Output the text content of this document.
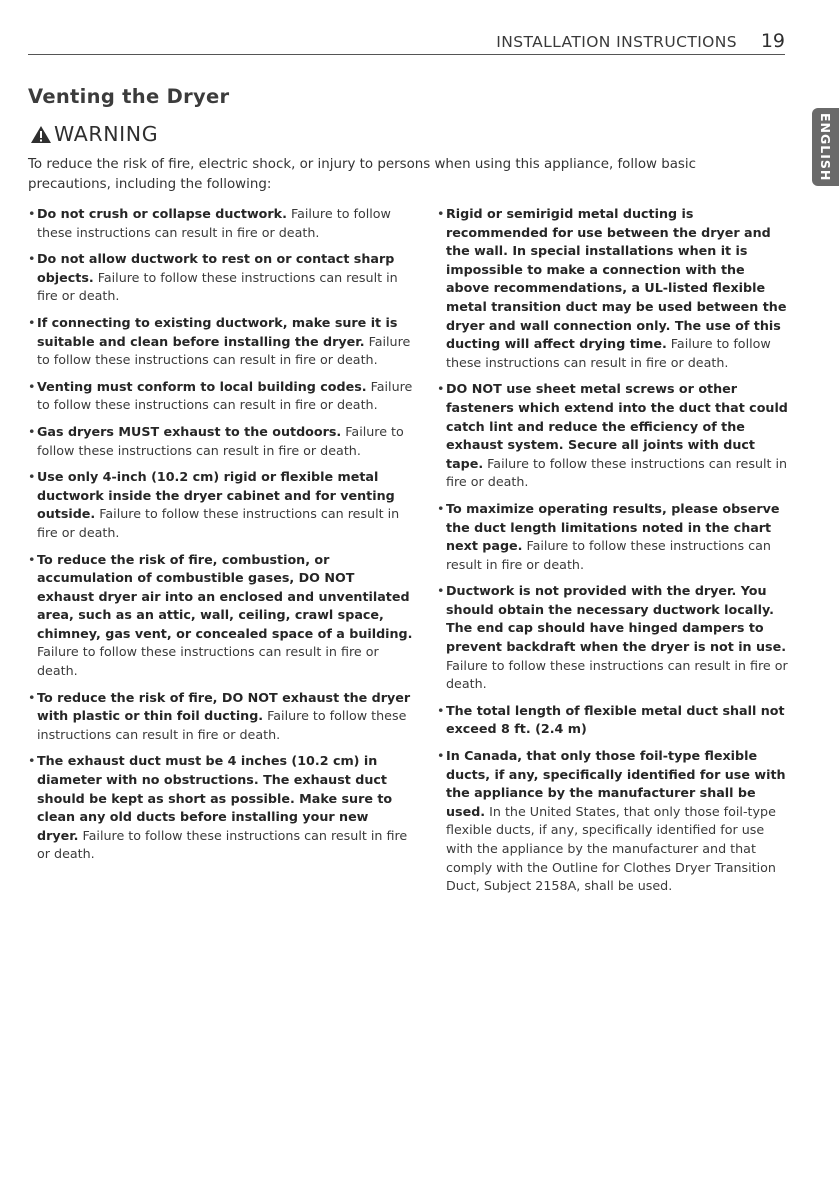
INSTALLATION INSTRUCTIONS 19
Venting the Dryer
WARNING

To reduce the risk of fire, electric shock, or injury to persons when using this appliance, follow basic precautions, including the following:

ENGLISH

• Do not crush or collapse ductwork. Failure to follow these instructions can result in fire or death.

• Do not allow ductwork to rest on or contact sharp objects. Failure to follow these instructions can result in fire or death.

• If connecting to existing ductwork, make sure it is suitable and clean before installing the dryer. Failure to follow these instructions can result in fire or death.

• Venting must conform to local building codes. Failure to follow these instructions can result in fire or death.

• Gas dryers MUST exhaust to the outdoors. Failure to follow these instructions can result in fire or death.

• Use only 4-inch (10.2 cm) rigid or flexible metal ductwork inside the dryer cabinet and for venting outside. Failure to follow these instructions can result in fire or death.

• To reduce the risk of fire, combustion, or accumulation of combustible gases, DO NOT exhaust dryer air into an enclosed and unventilated area, such as an attic, wall, ceiling, crawl space, chimney, gas vent, or concealed space of a building. Failure to follow these instructions can result in fire or death.

• To reduce the risk of fire, DO NOT exhaust the dryer with plastic or thin foil ducting. Failure to follow these instructions can result in fire or death.

• The exhaust duct must be 4 inches (10.2 cm) in diameter with no obstructions. The exhaust duct should be kept as short as possible. Make sure to clean any old ducts before installing your new dryer. Failure to follow these instructions can result in fire or death.

• Rigid or semirigid metal ducting is recommended for use between the dryer and the wall. In special installations when it is impossible to make a connection with the above recommendations, a UL-listed flexible metal transition duct may be used between the dryer and wall connection only. The use of this ducting will affect drying time. Failure to follow these instructions can result in fire or death.

• DO NOT use sheet metal screws or other fasteners which extend into the duct that could catch lint and reduce the efficiency of the exhaust system. Secure all joints with duct tape. Failure to follow these instructions can result in fire or death.

• To maximize operating results, please observe the duct length limitations noted in the chart next page. Failure to follow these instructions can result in fire or death.

• Ductwork is not provided with the dryer. You should obtain the necessary ductwork locally. The end cap should have hinged dampers to prevent backdraft when the dryer is not in use. Failure to follow these instructions can result in fire or death.

• The total length of flexible metal duct shall not exceed 8 ft. (2.4 m)

• In Canada, that only those foil-type flexible ducts, if any, specifically identified for use with the appliance by the manufacturer shall be used. In the United States, that only those foil-type flexible ducts, if any, specifically identified for use with the appliance by the manufacturer and that comply with the Outline for Clothes Dryer Transition Duct, Subject 2158A, shall be used.
